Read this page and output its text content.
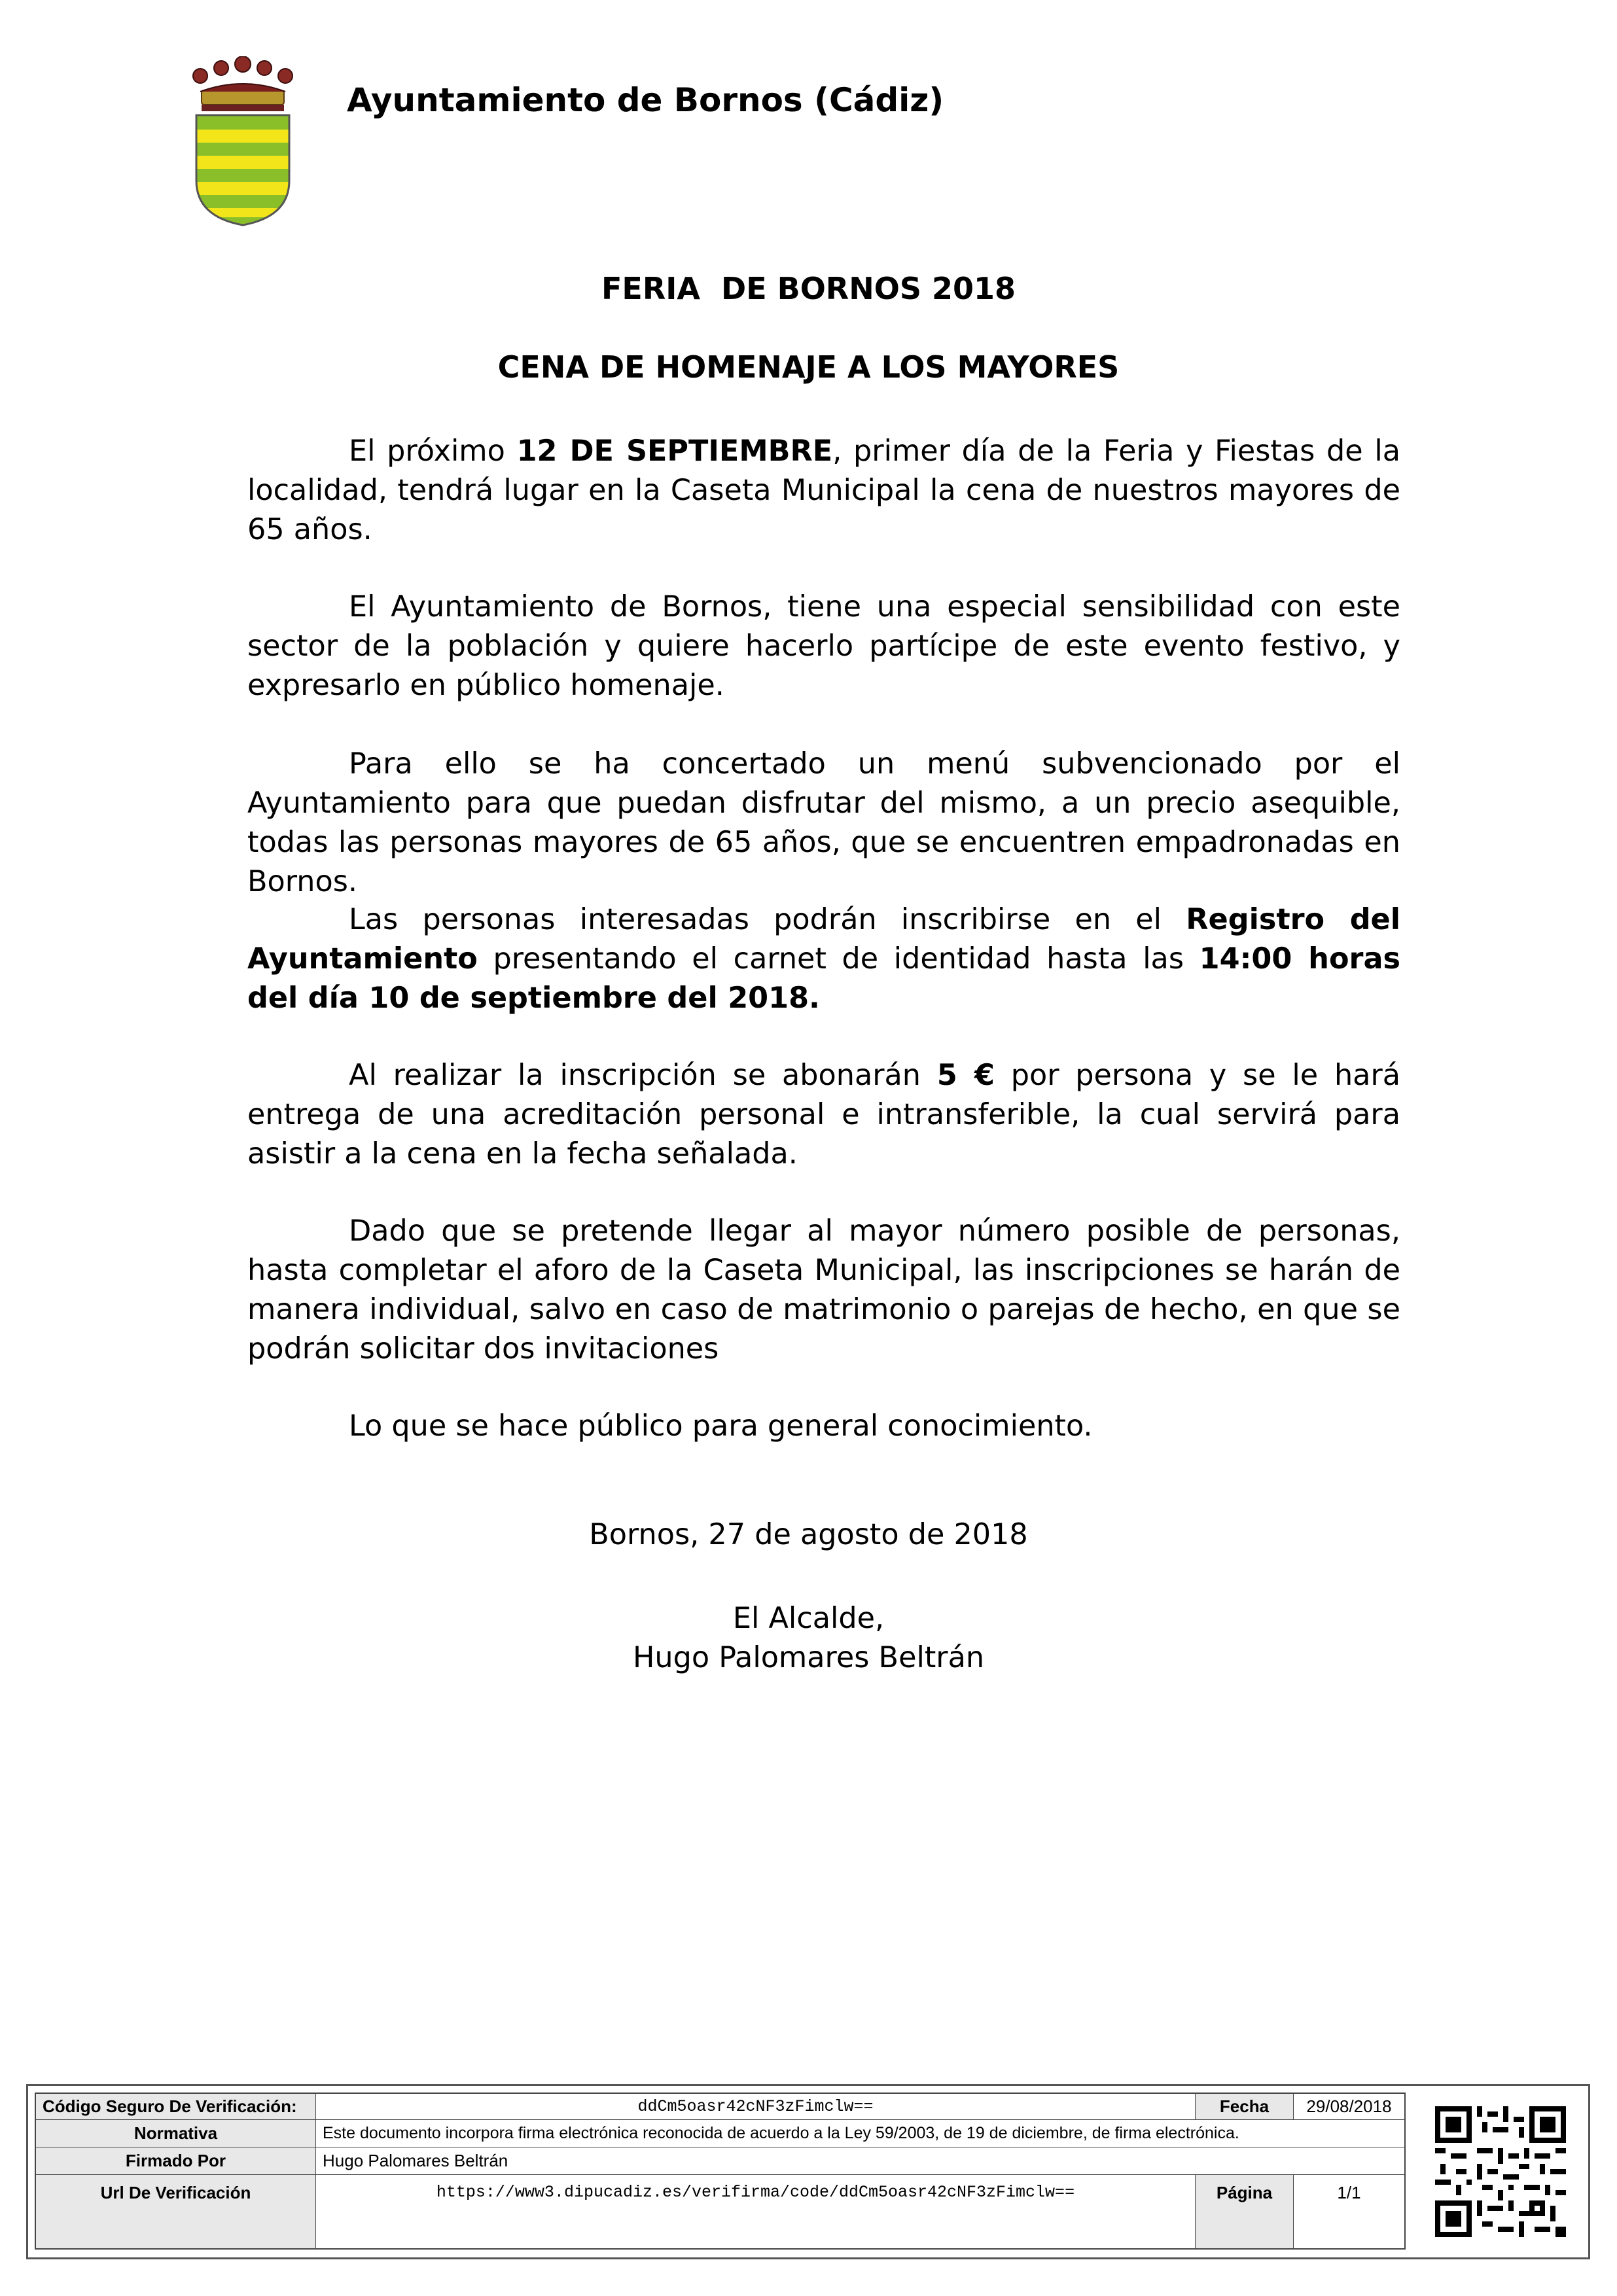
Ayuntamiento de Bornos (Cádiz)
FERIA  DE BORNOS 2018
CENA DE HOMENAJE A LOS MAYORES
El próximo 12 DE SEPTIEMBRE, primer día de la Feria y Fiestas de la localidad, tendrá lugar en la Caseta Municipal la cena de nuestros mayores de 65 años.
El Ayuntamiento de Bornos, tiene una especial sensibilidad con este sector de la población y quiere hacerlo partícipe de este evento festivo, y expresarlo en público homenaje.
Para ello se ha concertado un menú subvencionado por el Ayuntamiento para que puedan disfrutar del mismo, a un precio asequible, todas las personas mayores de 65 años, que se encuentren empadronadas en Bornos.
Las personas interesadas podrán inscribirse en el Registro del Ayuntamiento presentando el carnet de identidad hasta las 14:00 horas del día 10 de septiembre del 2018.
Al realizar la inscripción se abonarán 5 € por persona y se le hará entrega de una acreditación personal e intransferible, la cual servirá para asistir a la cena en la fecha señalada.
Dado que se pretende llegar al mayor número posible de personas, hasta completar el aforo de la Caseta Municipal, las inscripciones se harán de manera individual, salvo en caso de matrimonio o parejas de hecho, en que se podrán solicitar dos invitaciones
Lo que se hace público para general conocimiento.
Bornos, 27 de agosto de 2018
El Alcalde,
Hugo Palomares Beltrán
Código Seguro De Verificación:	ddCm5oasr42cNF3zFimclw==	Fecha	29/08/2018
Normativa	Este documento incorpora firma electrónica reconocida de acuerdo a la Ley 59/2003, de 19 de diciembre, de firma electrónica.
Firmado Por	Hugo Palomares Beltrán
Url De Verificación	https://www3.dipucadiz.es/verifirma/code/ddCm5oasr42cNF3zFimclw==	Página	1/1
